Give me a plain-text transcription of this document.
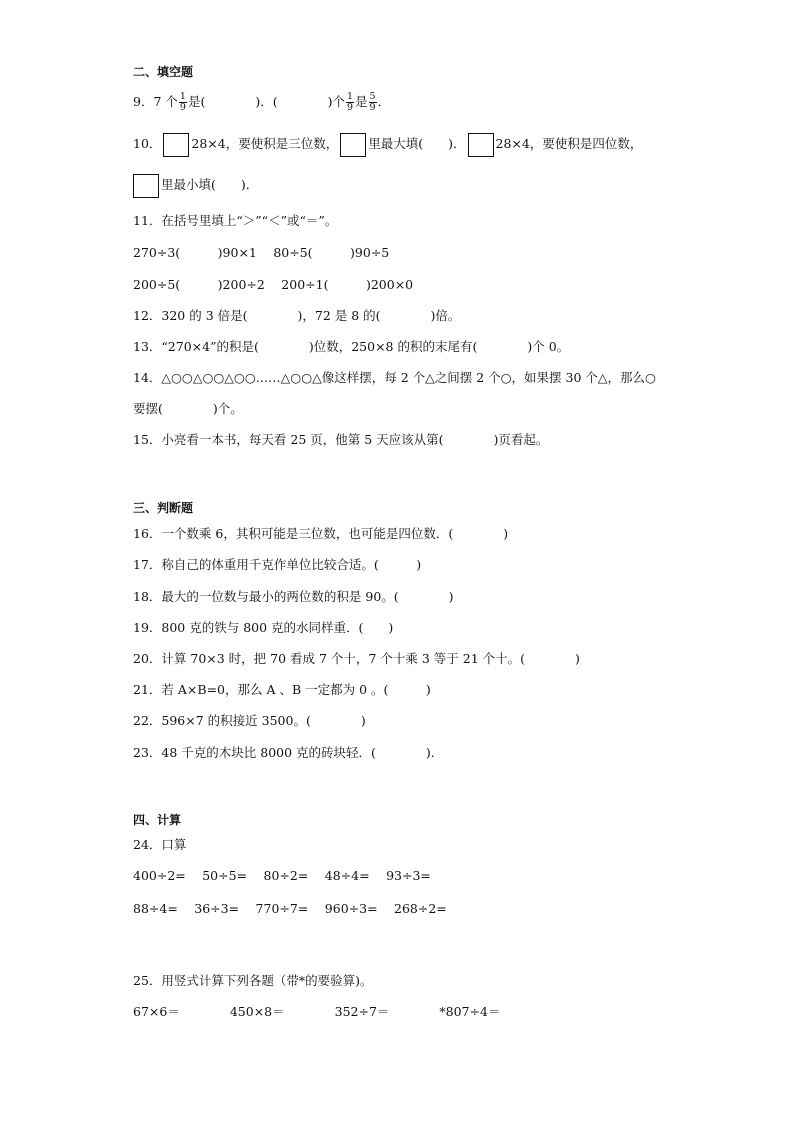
二、填空题
9．7 个 $\frac{1}{9}$ 是(　　　　)．(　　　　)个 $\frac{1}{9}$ 是 $\frac{5}{9}$ ．
10． 28×4，要使积是三位数， 里最大填(　　)． 28×4，要使积是四位数，
里最小填(　　)．
11．在括号里填上“＞”“＜”或“＝”。
270÷3(　　　)90×1　 80÷5(　　　)90÷5
200÷5(　　　)200÷2　 200÷1(　　　)200×0
12．320 的 3 倍是(　　　　)，72 是 8 的(　　　　)倍。
13．“270×4”的积是(　　　　)位数，250×8 的积的末尾有(　　　　)个 0。
14．△○○△○○△○○……△○○△像这样摆，每 2 个△之间摆 2 个○，如果摆 30 个△，那么○
要摆(　　　　)个。
15．小亮看一本书，每天看 25 页，他第 5 天应该从第(　　　　)页看起。
三、判断题
16．一个数乘 6，其积可能是三位数，也可能是四位数．(　　　　)
17．称自己的体重用千克作单位比较合适。(　　　)
18．最大的一位数与最小的两位数的积是 90。(　　　　)
19．800 克的铁与 800 克的水同样重．(　　)
20．计算 70×3 时，把 70 看成 7 个十，7 个十乘 3 等于 21 个十。(　　　　)
21．若 A×B=0，那么 A 、B 一定都为 0 。(　　　)
22．596×7 的积接近 3500。(　　　　)
23．48 千克的木块比 8000 克的砖块轻．(　　　　).
四、计算
24．口算
400÷2=　 50÷5=　 80÷2=　 48÷4=　 93÷3=
88÷4=　 36÷3=　 770÷7=　 960÷3=　 268÷2=
25．用竖式计算下列各题（带*的要验算)。
67×6＝　　　　450×8＝　　　　352÷7＝　　　　*807÷4＝
